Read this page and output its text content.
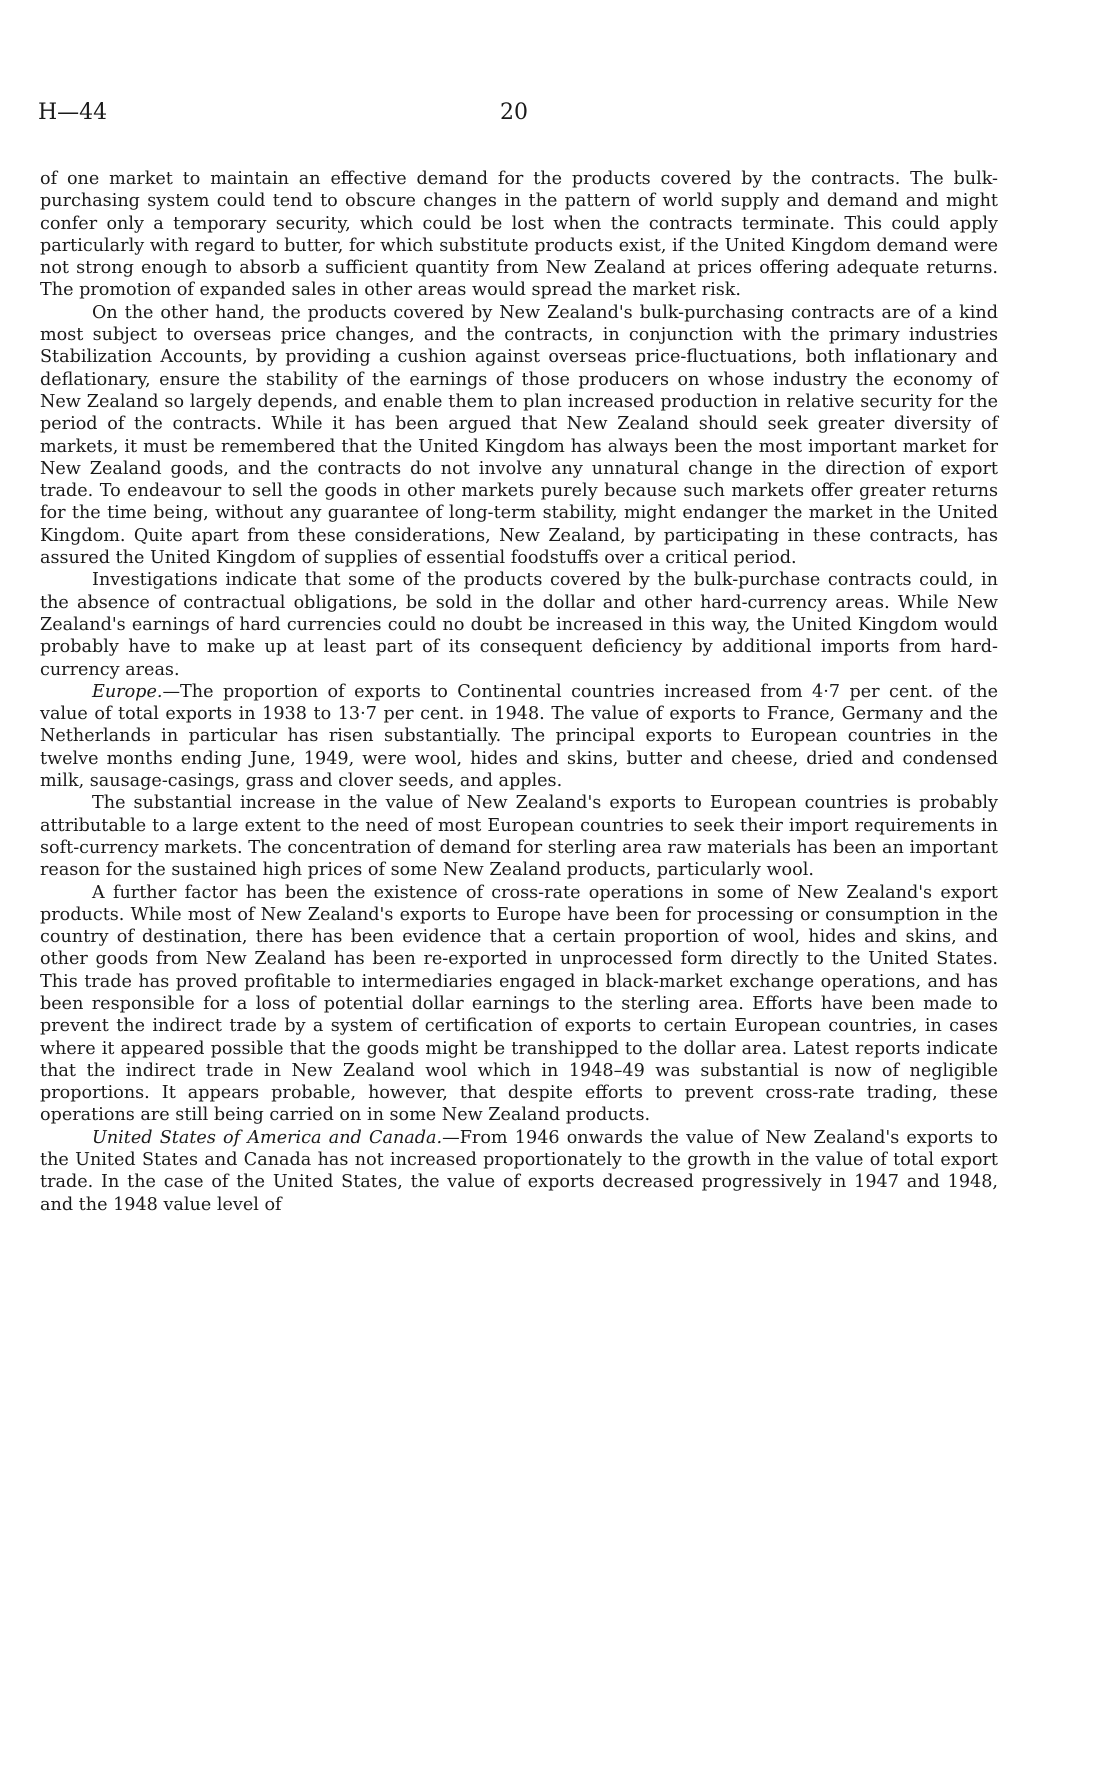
H—44	20

of one market to maintain an effective demand for the products covered by the contracts. The bulk-purchasing system could tend to obscure changes in the pattern of world supply and demand and might confer only a temporary security, which could be lost when the contracts terminate. This could apply particularly with regard to butter, for which substitute products exist, if the United Kingdom demand were not strong enough to absorb a sufficient quantity from New Zealand at prices offering adequate returns. The promotion of expanded sales in other areas would spread the market risk.

On the other hand, the products covered by New Zealand's bulk-purchasing contracts are of a kind most subject to overseas price changes, and the contracts, in conjunction with the primary industries Stabilization Accounts, by providing a cushion against overseas price-fluctuations, both inflationary and deflationary, ensure the stability of the earnings of those producers on whose industry the economy of New Zealand so largely depends, and enable them to plan increased production in relative security for the period of the contracts. While it has been argued that New Zealand should seek greater diversity of markets, it must be remembered that the United Kingdom has always been the most important market for New Zealand goods, and the contracts do not involve any unnatural change in the direction of export trade. To endeavour to sell the goods in other markets purely because such markets offer greater returns for the time being, without any guarantee of long-term stability, might endanger the market in the United Kingdom. Quite apart from these considerations, New Zealand, by participating in these contracts, has assured the United Kingdom of supplies of essential foodstuffs over a critical period.

Investigations indicate that some of the products covered by the bulk-purchase contracts could, in the absence of contractual obligations, be sold in the dollar and other hard-currency areas. While New Zealand's earnings of hard currencies could no doubt be increased in this way, the United Kingdom would probably have to make up at least part of its consequent deficiency by additional imports from hard-currency areas.

Europe.—The proportion of exports to Continental countries increased from 4·7 per cent. of the value of total exports in 1938 to 13·7 per cent. in 1948. The value of exports to France, Germany and the Netherlands in particular has risen substantially. The principal exports to European countries in the twelve months ending June, 1949, were wool, hides and skins, butter and cheese, dried and condensed milk, sausage-casings, grass and clover seeds, and apples.

The substantial increase in the value of New Zealand's exports to European countries is probably attributable to a large extent to the need of most European countries to seek their import requirements in soft-currency markets. The concentration of demand for sterling area raw materials has been an important reason for the sustained high prices of some New Zealand products, particularly wool.

A further factor has been the existence of cross-rate operations in some of New Zealand's export products. While most of New Zealand's exports to Europe have been for processing or consumption in the country of destination, there has been evidence that a certain proportion of wool, hides and skins, and other goods from New Zealand has been re-exported in unprocessed form directly to the United States. This trade has proved profitable to intermediaries engaged in black-market exchange operations, and has been responsible for a loss of potential dollar earnings to the sterling area. Efforts have been made to prevent the indirect trade by a system of certification of exports to certain European countries, in cases where it appeared possible that the goods might be transhipped to the dollar area. Latest reports indicate that the indirect trade in New Zealand wool which in 1948–49 was substantial is now of negligible proportions. It appears probable, however, that despite efforts to prevent cross-rate trading, these operations are still being carried on in some New Zealand products.

United States of America and Canada.—From 1946 onwards the value of New Zealand's exports to the United States and Canada has not increased proportionately to the growth in the value of total export trade. In the case of the United States, the value of exports decreased progressively in 1947 and 1948, and the 1948 value level of
